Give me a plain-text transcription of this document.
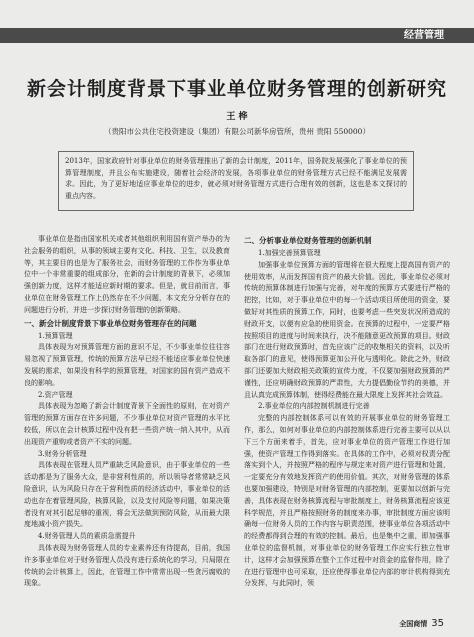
经营管理
新会计制度背景下事业单位财务管理的创新研究
王 桦
（贵阳市公共住宅投资建设（集团）有限公司新华房管所，贵州 贵阳 550000）
2013年，国家政府针对事业单位的财务管理推出了新的会计制度，2011年，国务院发展强化了事业单位的预算管理制度，并且公布实施建设，随着社会经济的发展，各项事业单位的财务管理方式已经不能满足发展需求。因此，为了更好地适应事业单位的进步，就必须对财务管理方式进行合理有效的创新，这也是本文探讨的重点内容。

事业单位是指由国家机关或者其他组织利用国有资产举办的为社会服务的组织，从事的领域主要有文化、科技、卫生，以及教育等，其主要目的也是为了服务社会，而财务管理的工作作为事业单位中一个非常重要的组成部分，在新的会计制度的背景下，必须加强创新力度，这样才能适应新时期的要求。但是，就目前而言，事业单位在财务管理工作上仍然存在不少问题，本文充分分析存在的问题进行分析，并进一步探讨财务管理的创新策略。

一、新会计制度背景下事业单位财务管理存在的问题
1.预算管理

具体表现为对预算管理方面的意识不足，不少事业单位往往容易忽视了预算管理，传统的预算方法早已经不能适应事业单位快速发展的需求，如果没有科学的预算管理，对国家的国有资产造成不良的影响。

2.资产管理

具体表现为忽略了新会计制度背景下全面性的原则，在对资产管理的预算方面存在许多问题，不少事业单位对资产管理的水平比较低，所以在会计核算过程中没有把一些资产统一纳入其中，从而出现资产重购或者资产不实的问题。

3.财务分析管理

具体表现在管理人员严重缺乏风险意识，由于事业单位的一些活动都是为了服务大众，是非营利性质的，所以领导者常常缺乏风险意识，认为风险只存在于营利性质的经济活动中，事业单位的活动也存在着管理风险，核算风险，以及支付风险等问题，如果决策者没有对其引起足够的重视，将会无法做到预防风险，从而最大限度地减小资产损失。

4.财务管理人员的素质急需提升

具体表现为财务管理人员的专业素养还有待提高，目前，我国许多事业单位对于财务管理人员没有进行系统化的学习，只局限在传统的会计核算上，因此，在管理工作中常常出现一些贪污腐败的现象。

二、分析事业单位财务管理的创新机制
1.加强完善预算管理

加强事业单位预算方面的管理将在很大程度上提高国有资产的使用效率，从而发挥国有资产的最大价值。因此，事业单位必须对传统的预算体制进行加强与完善，对年度的预算方式要进行严格的把控，比如，对于事业单位中的每一个活动项目所使用的资金，要做好对其性质的预算工作，同时，也要考虑一些突发状况所造成的财政开支，以便有应急的使用资金。在预算的过程中，一定要严格按照项目的进度与时间来执行，决不能随意更改预算的项目。财政部门在进行财政预算时，首先应该广泛的收集相关的资料，以及听取各部门的意见，使得预算更加公开化与透明化。除此之外，财政部门还要加大财政相关政策的宣传力度，不仅要加强财政预算的严谨性，还应明确财政预算的严肃性，大力提倡勤俭节约的美德，并且认真完成预算体制，使得经费能在最大限度上发挥其社会效益。

2.事业单位的内部控制机制进行完善

完整的内部控制体系可以有效的开展事业单位的财务管理工作，那么，如何对事业单位的内部控制体系进行完善主要可以从以下三个方面来着手，首先，应对事业单位的资产管理工作进行加强，使资产管理工作得到落实。在具体的工作中，必须对权责分配落实到个人，并按照严格的程序与规定来对资产进行管理和处置，一定要充分有效地发挥资产的使用价值。其次，对财务管理的体系也要加强建设，特别是对财务管理的内部控制，更要加以创新与完善，具体表现在财务核算流程与审批制度上，财务核算流程应该更科学规范，并且严格按照财务的制度来办事，审批制度方面应该明确每一位财务人员的工作内容与职责范围，使事业单位各项活动中的经费都得到合理的有效的控制。最后，也是集中之重，即加强事业单位的监督机制，对事业单位的财务管理工作应实行独立性审计，这样才会加强预算在整个工作过程中对资金的监督作用，除了在进行管理中也可采取，还应使得事业单位内部的审计机构得到充分发挥，与此同时，领

全国商情 35
